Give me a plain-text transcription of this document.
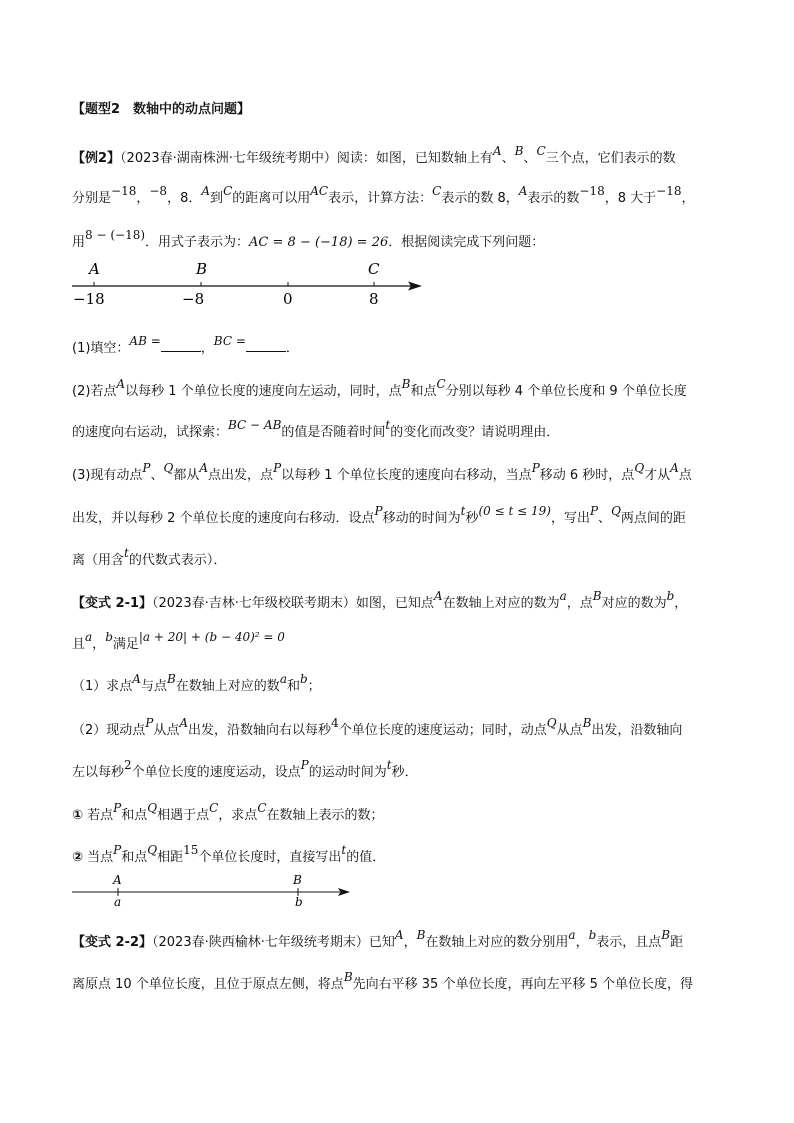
【题型2　数轴中的动点问题】
【例2】（2023春·湖南株洲·七年级统考期中）阅读：如图，已知数轴上有A、B、C三个点，它们表示的数
分别是−18，−8，8．A到C的距离可以用AC表示，计算方法：C表示的数 8，A表示的数−18，8 大于−18，
用8 − (−18)．用式子表示为：AC = 8 − (−18) = 26．根据阅读完成下列问题：
A	B	C
−18	−8	0	8
(1)填空：AB =	，BC =	．
(2)若点A以每秒 1 个单位长度的速度向左运动，同时，点B和点C分别以每秒 4 个单位长度和 9 个单位长度
的速度向右运动，试探索：BC − AB的值是否随着时间t的变化而改变？请说明理由．
(3)现有动点P、Q都从A点出发，点P以每秒 1 个单位长度的速度向右移动，当点P移动 6 秒时，点Q才从A点
出发，并以每秒 2 个单位长度的速度向右移动．设点P移动的时间为t秒(0 ≤ t ≤ 19)，写出P、Q两点间的距
离（用含t的代数式表示）．
【变式 2-1】（2023春·吉林·七年级校联考期末）如图，已知点A在数轴上对应的数为a，点B对应的数为b，
且a，b满足|a + 20| + (b − 40)² = 0
（1）求点A与点B在数轴上对应的数a和b；
（2）现动点P从点A出发，沿数轴向右以每秒4个单位长度的速度运动；同时，动点Q从点B出发，沿数轴向
左以每秒2个单位长度的速度运动，设点P的运动时间为t秒．
① 若点P和点Q相遇于点C，求点C在数轴上表示的数；
② 当点P和点Q相距15个单位长度时，直接写出t的值．
A	B
a	b
【变式 2-2】（2023春·陕西榆林·七年级统考期末）已知A，B在数轴上对应的数分别用a，b表示，且点B距
离原点 10 个单位长度，且位于原点左侧，将点B先向右平移 35 个单位长度，再向左平移 5 个单位长度，得
